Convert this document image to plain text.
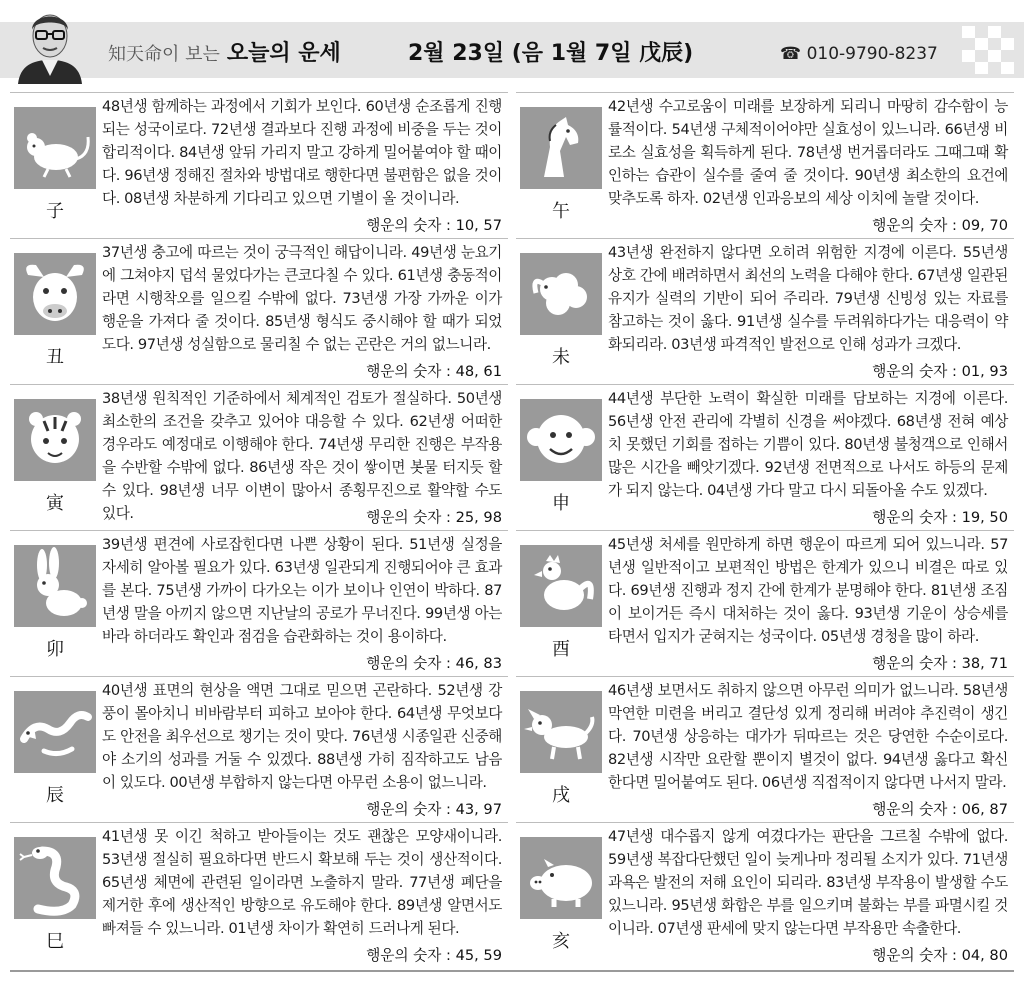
知天命이 보는 오늘의 운세	2월 23일 (음 1월 7일 戊辰)	☎ 010-9790-8237
子
48년생 함께하는 과정에서 기회가 보인다. 60년생 순조롭게 진행되는 성국이로다. 72년생 결과보다 진행 과정에 비중을 두는 것이 합리적이다. 84년생 앞뒤 가리지 말고 강하게 밀어붙여야 할 때이다. 96년생 정해진 절차와 방법대로 행한다면 불편함은 없을 것이다. 08년생 차분하게 기다리고 있으면 기별이 올 것이니라.
행운의 숫자 : 10, 57
丑
37년생 충고에 따르는 것이 궁극적인 해답이니라. 49년생 눈요기에 그쳐야지 덥석 물었다가는 큰코다칠 수 있다. 61년생 충동적이라면 시행착오를 일으킬 수밖에 없다. 73년생 가장 가까운 이가 행운을 가져다 줄 것이다. 85년생 형식도 중시해야 할 때가 되었도다. 97년생 성실함으로 물리칠 수 없는 곤란은 거의 없느니라.
행운의 숫자 : 48, 61
寅
38년생 원칙적인 기준하에서 체계적인 검토가 절실하다. 50년생 최소한의 조건을 갖추고 있어야 대응할 수 있다. 62년생 어떠한 경우라도 예정대로 이행해야 한다. 74년생 무리한 진행은 부작용을 수반할 수밖에 없다. 86년생 작은 것이 쌓이면 봇물 터지듯 할 수 있다. 98년생 너무 이변이 많아서 종횡무진으로 활약할 수도 있다.	행운의 숫자 : 25, 98
卯
39년생 편견에 사로잡힌다면 나쁜 상황이 된다. 51년생 실정을 자세히 알아볼 필요가 있다. 63년생 일관되게 진행되어야 큰 효과를 본다. 75년생 가까이 다가오는 이가 보이나 인연이 박하다. 87년생 말을 아끼지 않으면 지난날의 공로가 무너진다. 99년생 아는 바라 하더라도 확인과 점검을 습관화하는 것이 용이하다.
행운의 숫자 : 46, 83
辰
40년생 표면의 현상을 액면 그대로 믿으면 곤란하다. 52년생 강풍이 몰아치니 비바람부터 피하고 보아야 한다. 64년생 무엇보다도 안전을 최우선으로 챙기는 것이 맞다. 76년생 시종일관 신중해야 소기의 성과를 거둘 수 있겠다. 88년생 가히 짐작하고도 남음이 있도다. 00년생 부합하지 않는다면 아무런 소용이 없느니라.
행운의 숫자 : 43, 97
巳
41년생 못 이긴 척하고 받아들이는 것도 괜찮은 모양새이니라. 53년생 절실히 필요하다면 반드시 확보해 두는 것이 생산적이다. 65년생 체면에 관련된 일이라면 노출하지 말라. 77년생 폐단을 제거한 후에 생산적인 방향으로 유도해야 한다. 89년생 알면서도 빠져들 수 있느니라. 01년생 차이가 확연히 드러나게 된다.
행운의 숫자 : 45, 59
午
42년생 수고로움이 미래를 보장하게 되리니 마땅히 감수함이 능률적이다. 54년생 구체적이어야만 실효성이 있느니라. 66년생 비로소 실효성을 획득하게 된다. 78년생 번거롭더라도 그때그때 확인하는 습관이 실수를 줄여 줄 것이다. 90년생 최소한의 요건에 맞추도록 하자. 02년생 인과응보의 세상 이치에 놀랄 것이다.
행운의 숫자 : 09, 70
未
43년생 완전하지 않다면 오히려 위험한 지경에 이른다. 55년생 상호 간에 배려하면서 최선의 노력을 다해야 한다. 67년생 일관된 유지가 실력의 기반이 되어 주리라. 79년생 신빙성 있는 자료를 참고하는 것이 옳다. 91년생 실수를 두려워하다가는 대응력이 약화되리라. 03년생 파격적인 발전으로 인해 성과가 크겠다.
행운의 숫자 : 01, 93
申
44년생 부단한 노력이 확실한 미래를 담보하는 지경에 이른다. 56년생 안전 관리에 각별히 신경을 써야겠다. 68년생 전혀 예상치 못했던 기회를 접하는 기쁨이 있다. 80년생 불청객으로 인해서 많은 시간을 빼앗기겠다. 92년생 전면적으로 나서도 하등의 문제가 되지 않는다. 04년생 가다 말고 다시 되돌아올 수도 있겠다.
행운의 숫자 : 19, 50
酉
45년생 처세를 원만하게 하면 행운이 따르게 되어 있느니라. 57년생 일반적이고 보편적인 방법은 한계가 있으니 비결은 따로 있다. 69년생 진행과 정지 간에 한계가 분명해야 한다. 81년생 조짐이 보이거든 즉시 대처하는 것이 옳다. 93년생 기운이 상승세를 타면서 입지가 굳혀지는 성국이다. 05년생 경청을 많이 하라.
행운의 숫자 : 38, 71
戌
46년생 보면서도 취하지 않으면 아무런 의미가 없느니라. 58년생 막연한 미련을 버리고 결단성 있게 정리해 버려야 추진력이 생긴다. 70년생 상응하는 대가가 뒤따르는 것은 당연한 수순이로다. 82년생 시작만 요란할 뿐이지 별것이 없다. 94년생 옳다고 확신한다면 밀어붙여도 된다. 06년생 직접적이지 않다면 나서지 말라.
행운의 숫자 : 06, 87
亥
47년생 대수롭지 않게 여겼다가는 판단을 그르칠 수밖에 없다. 59년생 복잡다단했던 일이 늦게나마 정리될 소지가 있다. 71년생 과욕은 발전의 저해 요인이 되리라. 83년생 부작용이 발생할 수도 있느니라. 95년생 화합은 부를 일으키며 불화는 부를 파멸시킬 것이니라. 07년생 판세에 맞지 않는다면 부작용만 속출한다.
행운의 숫자 : 04, 80
